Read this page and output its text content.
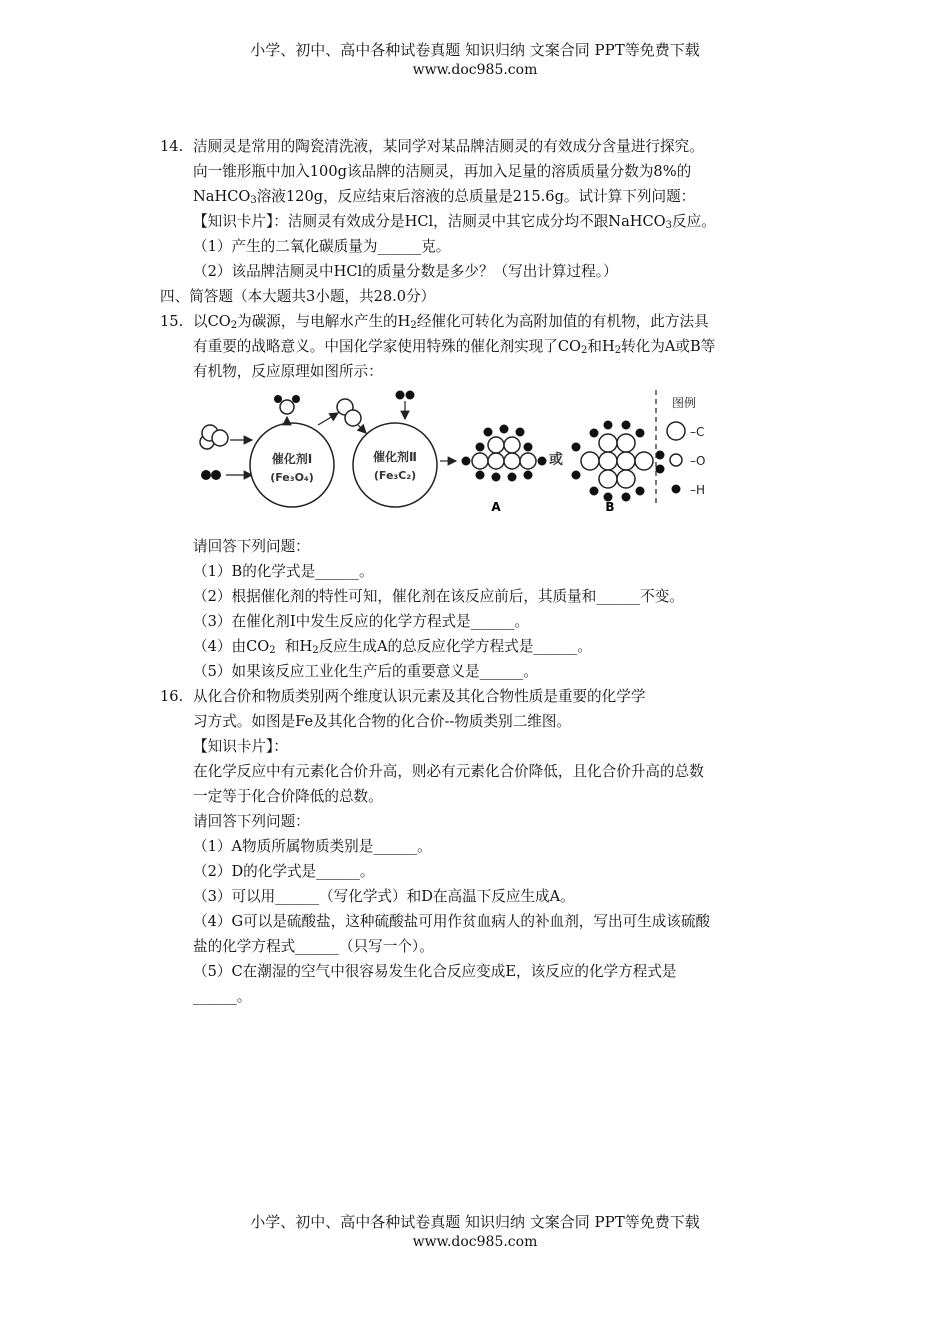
小学、初中、高中各种试卷真题 知识归纳 文案合同 PPT等免费下载
www.doc985.com
14. 洁厕灵是常用的陶瓷清洗液，某同学对某品牌洁厕灵的有效成分含量进行探究。
向一锥形瓶中加入100g该品牌的洁厕灵，再加入足量的溶质质量分数为8%的
NaHCO$_3$溶液120g，反应结束后溶液的总质量是215.6g。试计算下列问题：
【知识卡片】：洁厕灵有效成分是HCl，洁厕灵中其它成分均不跟NaHCO$_3$反应。
（1）产生的二氧化碳质量为______克。
（2）该品牌洁厕灵中HCl的质量分数是多少？（写出计算过程。）
四、简答题（本大题共3小题，共28.0分）
15. 以$CO_2$为碳源，与电解水产生的$H_2$经催化可转化为高附加值的有机物，此方法具
有重要的战略意义。中国化学家使用特殊的催化剂实现了$CO_2$和$H_2$转化为A或B等
有机物，反应原理如图所示：
催化剂Ⅰ
(Fe₃O₄)
催化剂Ⅱ
(Fe₃C₂)
A
或
B
图例
–C
–O
–H
请回答下列问题：
（1）B的化学式是______。
（2）根据催化剂的特性可知，催化剂在该反应前后，其质量和______不变。
（3）在催化剂Ⅰ中发生反应的化学方程式是______。
（4）由$CO_2$  和$H_2$反应生成A的总反应化学方程式是______。
（5）如果该反应工业化生产后的重要意义是______。
16. 从化合价和物质类别两个维度认识元素及其化合物性质是重要的化学学
习方式。如图是Fe及其化合物的化合价--物质类别二维图。
【知识卡片】：
在化学反应中有元素化合价升高，则必有元素化合价降低，且化合价升高的总数
一定等于化合价降低的总数。
请回答下列问题：
（1）A物质所属物质类别是______。
（2）D的化学式是______。
（3）可以用______（写化学式）和D在高温下反应生成A。
（4）G可以是硫酸盐，这种硫酸盐可用作贫血病人的补血剂，写出可生成该硫酸
盐的化学方程式______（只写一个）。
（5）C在潮湿的空气中很容易发生化合反应变成E，该反应的化学方程式是
______。
小学、初中、高中各种试卷真题 知识归纳 文案合同 PPT等免费下载
www.doc985.com
